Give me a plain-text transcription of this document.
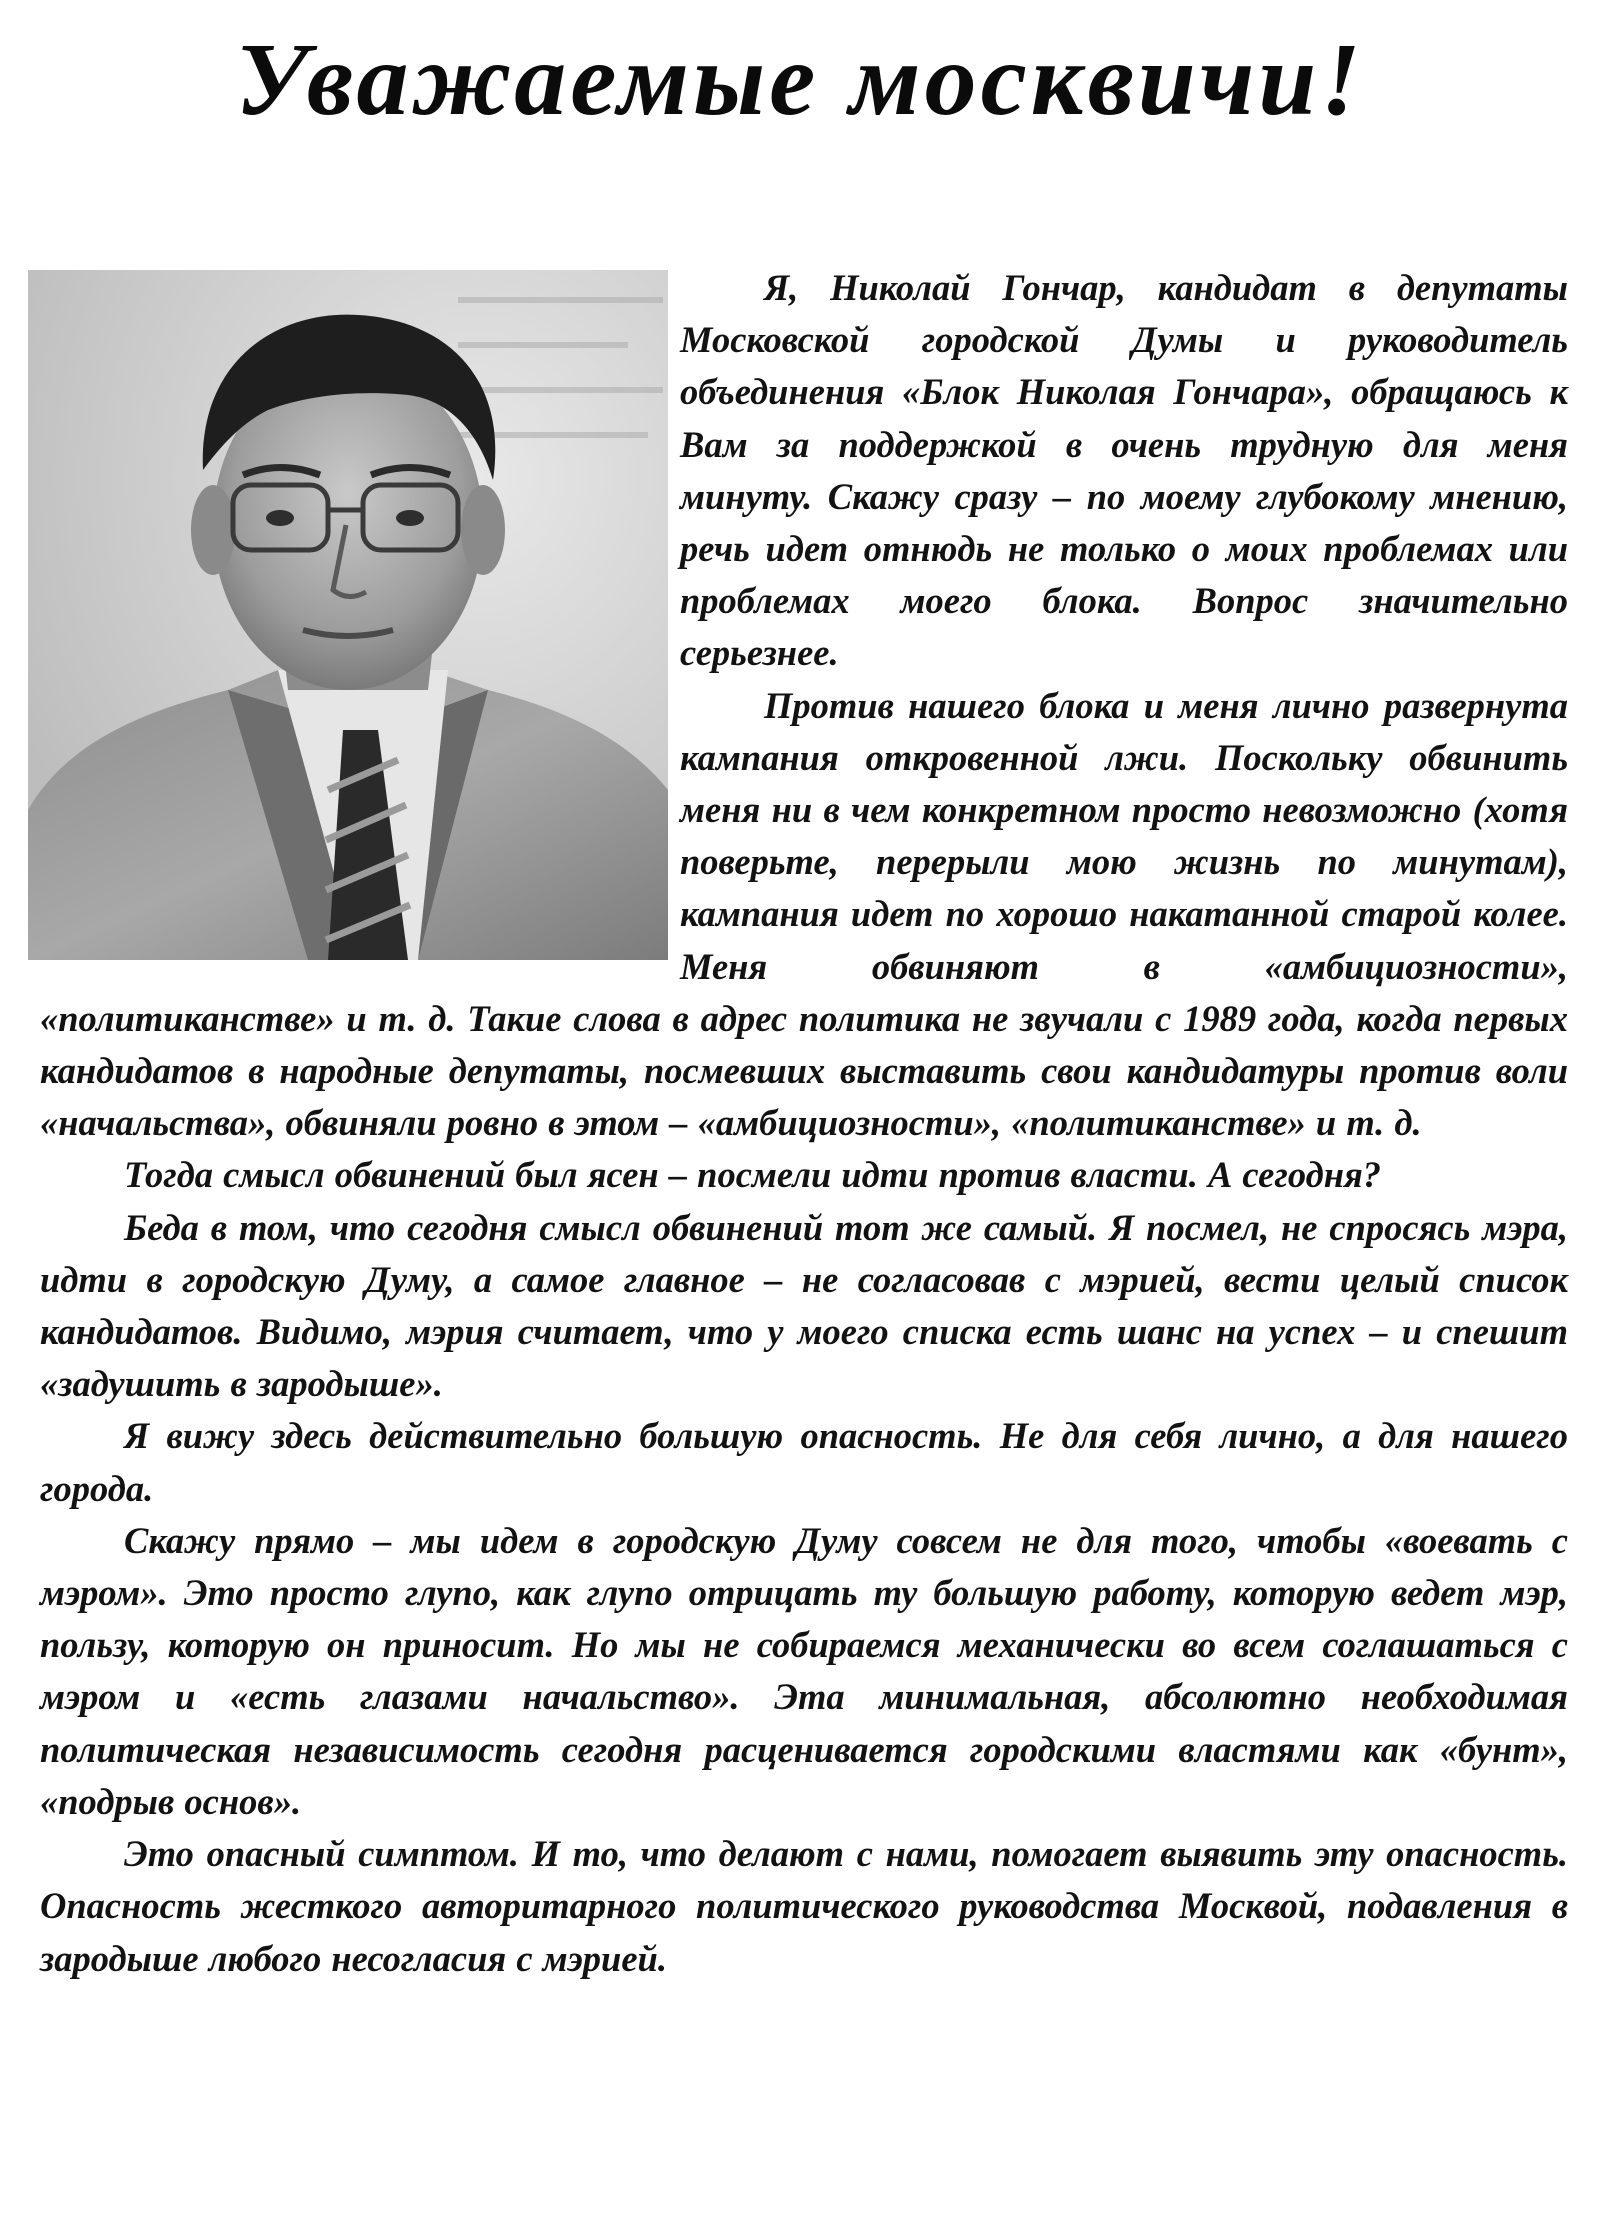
Уважаемые москвичи!

Я, Николай Гончар, кандидат в депутаты Московской городской Думы и руководитель объединения «Блок Николая Гончара», обращаюсь к Вам за поддержкой в очень трудную для меня минуту. Скажу сразу – по моему глубокому мнению, речь идет отнюдь не только о моих проблемах или проблемах моего блока. Вопрос значительно серьезнее.

Против нашего блока и меня лично развернута кампания откровенной лжи. Поскольку обвинить меня ни в чем конкретном просто невозможно (хотя поверьте, перерыли мою жизнь по минутам), кампания идет по хорошо накатанной старой колее. Меня обвиняют в «амбициозности», «политиканстве» и т. д. Такие слова в адрес политика не звучали с 1989 года, когда первых кандидатов в народные депутаты, посмевших выставить свои кандидатуры против воли «начальства», обвиняли ровно в этом – «амбициозности», «политиканстве» и т. д.

Тогда смысл обвинений был ясен – посмели идти против власти. А сегодня?

Беда в том, что сегодня смысл обвинений тот же самый. Я посмел, не спросясь мэра, идти в городскую Думу, а самое главное – не согласовав с мэрией, вести целый список кандидатов. Видимо, мэрия считает, что у моего списка есть шанс на успех – и спешит «задушить в зародыше».

Я вижу здесь действительно большую опасность. Не для себя лично, а для нашего города.

Скажу прямо – мы идем в городскую Думу совсем не для того, чтобы «воевать с мэром». Это просто глупо, как глупо отрицать ту большую работу, которую ведет мэр, пользу, которую он приносит. Но мы не собираемся механически во всем соглашаться с мэром и «есть глазами начальство». Эта минимальная, абсолютно необходимая политическая независимость сегодня расценивается городскими властями как «бунт», «подрыв основ».

Это опасный симптом. И то, что делают с нами, помогает выявить эту опасность. Опасность жесткого авторитарного политического руководства Москвой, подавления в зародыше любого несогласия с мэрией.
